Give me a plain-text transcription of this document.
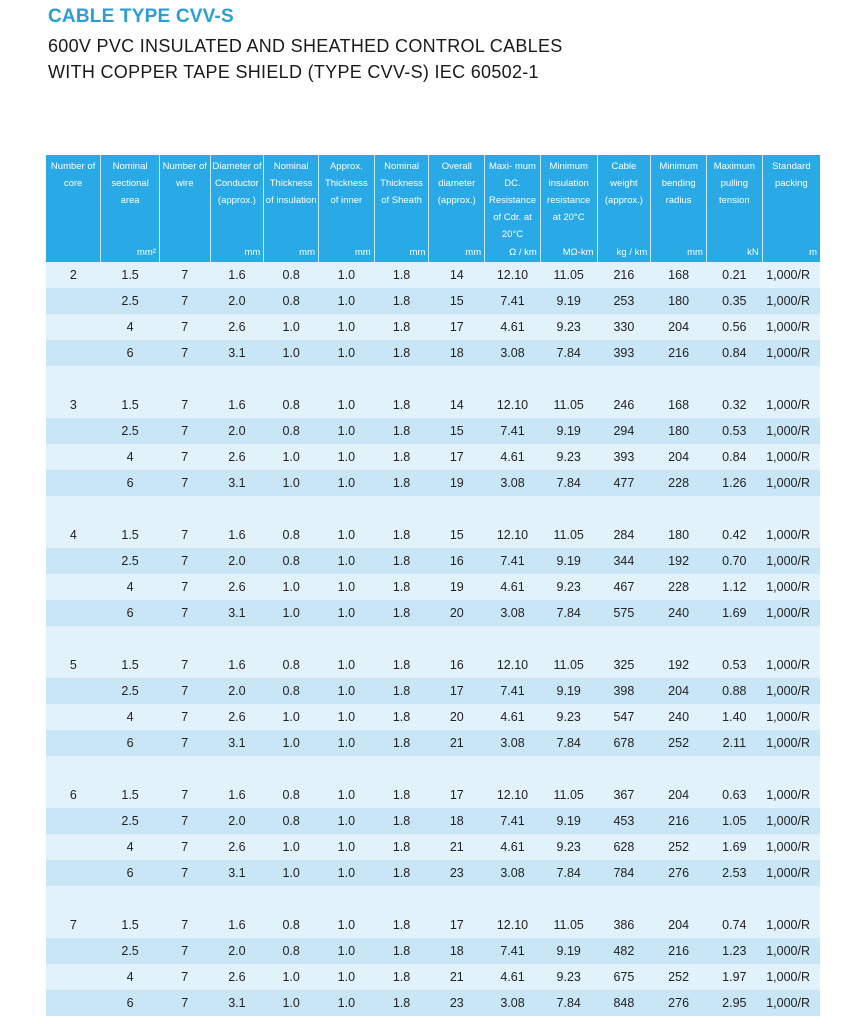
CABLE TYPE CVV-S
600V PVC INSULATED AND SHEATHED CONTROL CABLES
WITH COPPER TAPE SHIELD (TYPE CVV-S) IEC 60502-1
Number of core	Nominal sectional area	Number of wire	Diameter of Conductor (approx.)	Nominal Thickness of insulation	Approx. Thickness of inner	Nominal Thickness of Sheath	Overall diameter (approx.)	Maxi- mum DC. Resistance of Cdr. at 20°C	Minimum insulation resistance at 20°C	Cable weight (approx.)	Minimum bending radius	Maximum pulling tension	Standard packing

	mm²		mm	mm	mm	mm	mm	Ω / km	MΩ-km	kg / km	mm	kN	m
2	1.5	7	1.6	0.8	1.0	1.8	14	12.10	11.05	216	168	0.21	1,000/R
	2.5	7	2.0	0.8	1.0	1.8	15	7.41	9.19	253	180	0.35	1,000/R
	4	7	2.6	1.0	1.0	1.8	17	4.61	9.23	330	204	0.56	1,000/R
	6	7	3.1	1.0	1.0	1.8	18	3.08	7.84	393	216	0.84	1,000/R

3	1.5	7	1.6	0.8	1.0	1.8	14	12.10	11.05	246	168	0.32	1,000/R
	2.5	7	2.0	0.8	1.0	1.8	15	7.41	9.19	294	180	0.53	1,000/R
	4	7	2.6	1.0	1.0	1.8	17	4.61	9.23	393	204	0.84	1,000/R
	6	7	3.1	1.0	1.0	1.8	19	3.08	7.84	477	228	1.26	1,000/R

4	1.5	7	1.6	0.8	1.0	1.8	15	12.10	11.05	284	180	0.42	1,000/R
	2.5	7	2.0	0.8	1.0	1.8	16	7.41	9.19	344	192	0.70	1,000/R
	4	7	2.6	1.0	1.0	1.8	19	4.61	9.23	467	228	1.12	1,000/R
	6	7	3.1	1.0	1.0	1.8	20	3.08	7.84	575	240	1.69	1,000/R

5	1.5	7	1.6	0.8	1.0	1.8	16	12.10	11.05	325	192	0.53	1,000/R
	2.5	7	2.0	0.8	1.0	1.8	17	7.41	9.19	398	204	0.88	1,000/R
	4	7	2.6	1.0	1.0	1.8	20	4.61	9.23	547	240	1.40	1,000/R
	6	7	3.1	1.0	1.0	1.8	21	3.08	7.84	678	252	2.11	1,000/R

6	1.5	7	1.6	0.8	1.0	1.8	17	12.10	11.05	367	204	0.63	1,000/R
	2.5	7	2.0	0.8	1.0	1.8	18	7.41	9.19	453	216	1.05	1,000/R
	4	7	2.6	1.0	1.0	1.8	21	4.61	9.23	628	252	1.69	1,000/R
	6	7	3.1	1.0	1.0	1.8	23	3.08	7.84	784	276	2.53	1,000/R

7	1.5	7	1.6	0.8	1.0	1.8	17	12.10	11.05	386	204	0.74	1,000/R
	2.5	7	2.0	0.8	1.0	1.8	18	7.41	9.19	482	216	1.23	1,000/R
	4	7	2.6	1.0	1.0	1.8	21	4.61	9.23	675	252	1.97	1,000/R
	6	7	3.1	1.0	1.0	1.8	23	3.08	7.84	848	276	2.95	1,000/R
